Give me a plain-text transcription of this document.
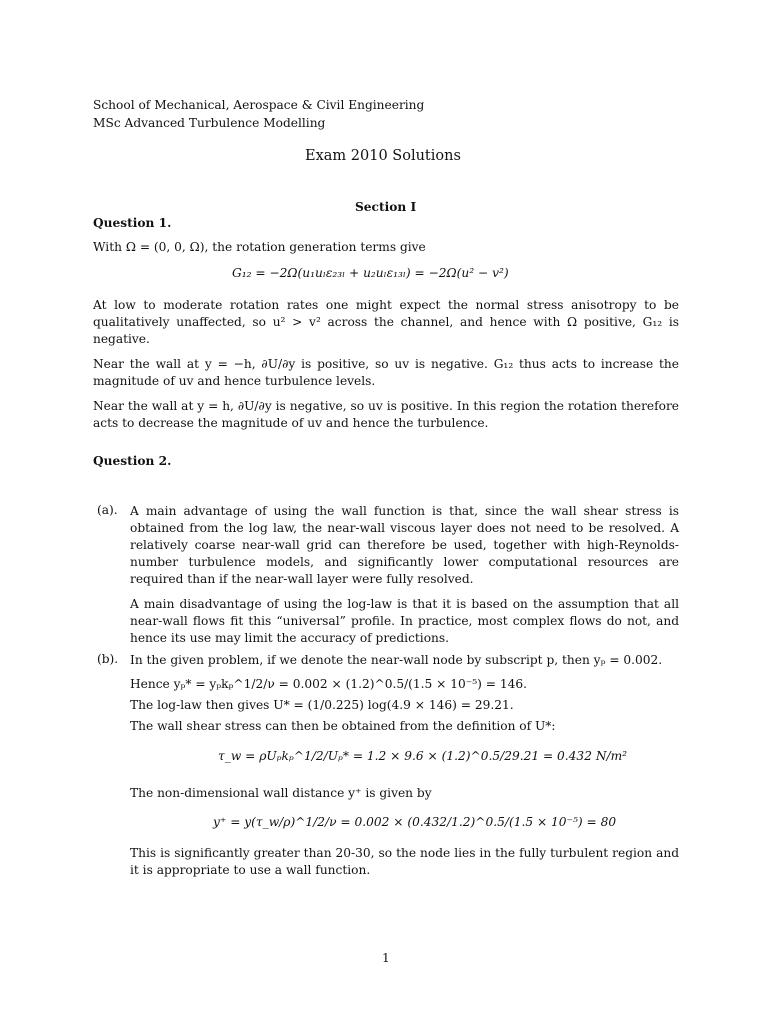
School of Mechanical, Aerospace & Civil Engineering
MSc Advanced Turbulence Modelling
Exam 2010 Solutions
Section I
Question 1.
With Ω = (0, 0, Ω), the rotation generation terms give
G₁₂ = −2Ω(u₁uₗε₂₃ₗ + u₂uₗε₁₃ₗ) = −2Ω(u² − v²)

At low to moderate rotation rates one might expect the normal stress anisotropy to be qualitatively unaffected, so u² > v² across the channel, and hence with Ω positive, G₁₂ is negative.

Near the wall at y = −h, ∂U/∂y is positive, so uv is negative. G₁₂ thus acts to increase the magnitude of uv and hence turbulence levels.

Near the wall at y = h, ∂U/∂y is negative, so uv is positive. In this region the rotation therefore acts to decrease the magnitude of uv and hence the turbulence.

Question 2.
(a). A main advantage of using the wall function is that, since the wall shear stress is obtained from the log law, the near-wall viscous layer does not need to be resolved. A relatively coarse near-wall grid can therefore be used, together with high-Reynolds-number turbulence models, and significantly lower computational resources are required than if the near-wall layer were fully resolved.

A main disadvantage of using the log-law is that it is based on the assumption that all near-wall flows fit this “universal” profile. In practice, most complex flows do not, and hence its use may limit the accuracy of predictions.

(b). In the given problem, if we denote the near-wall node by subscript p, then yₚ = 0.002.
Hence yₚ* = yₚkₚ^1/2/ν = 0.002 × (1.2)^0.5/(1.5 × 10⁻⁵) = 146.
The log-law then gives U* = (1/0.225) log(4.9 × 146) = 29.21.
The wall shear stress can then be obtained from the definition of U*:
τ_w = ρUₚkₚ^1/2/Uₚ* = 1.2 × 9.6 × (1.2)^0.5/29.21 = 0.432 N/m²
The non-dimensional wall distance y⁺ is given by
y⁺ = y(τ_w/ρ)^1/2/ν = 0.002 × (0.432/1.2)^0.5/(1.5 × 10⁻⁵) = 80
This is significantly greater than 20-30, so the node lies in the fully turbulent region and it is appropriate to use a wall function.
1
